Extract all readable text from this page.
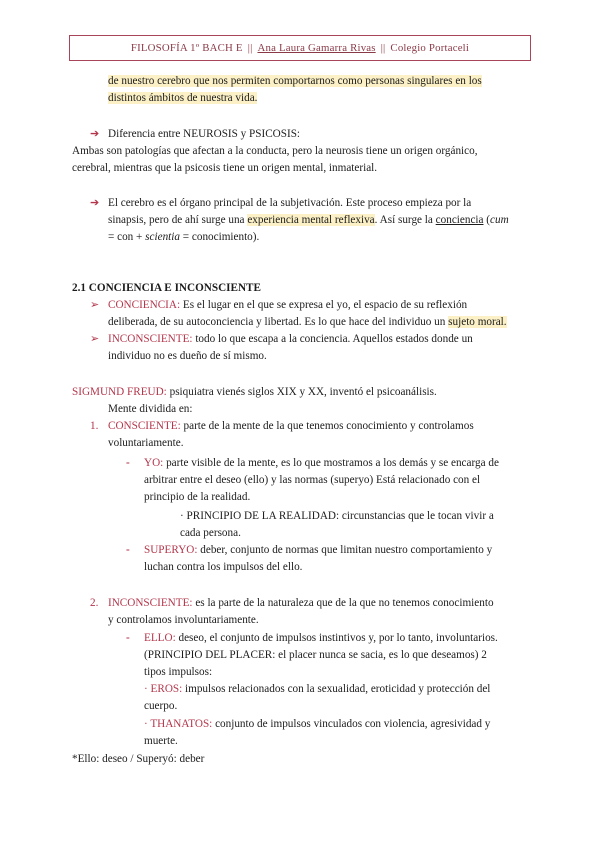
FILOSOFÍA 1º BACH E || Ana Laura Gamarra Rivas || Colegio Portaceli
de nuestro cerebro que nos permiten comportarnos como personas singulares en los
distintos ámbitos de nuestra vida.
➔ Diferencia entre NEUROSIS y PSICOSIS:
Ambas son patologías que afectan a la conducta, pero la neurosis tiene un origen orgánico,
cerebral, mientras que la psicosis tiene un origen mental, inmaterial.
➔ El cerebro es el órgano principal de la subjetivación. Este proceso empieza por la
sinapsis, pero de ahí surge una experiencia mental reflexiva. Así surge la conciencia (cum
= con + scientia = conocimiento).
2.1 CONCIENCIA E INCONSCIENTE
➢ CONCIENCIA: Es el lugar en el que se expresa el yo, el espacio de su reflexión
deliberada, de su autoconciencia y libertad. Es lo que hace del individuo un sujeto moral.
➢ INCONSCIENTE: todo lo que escapa a la conciencia. Aquellos estados donde un
individuo no es dueño de sí mismo.
SIGMUND FREUD: psiquiatra vienés siglos XIX y XX, inventó el psicoanálisis.
Mente dividida en:
1. CONSCIENTE: parte de la mente de la que tenemos conocimiento y controlamos
voluntariamente.
- YO: parte visible de la mente, es lo que mostramos a los demás y se encarga de
arbitrar entre el deseo (ello) y las normas (superyo) Está relacionado con el
principio de la realidad.
· PRINCIPIO DE LA REALIDAD: circunstancias que le tocan vivir a
cada persona.
- SUPERYO: deber, conjunto de normas que limitan nuestro comportamiento y
luchan contra los impulsos del ello.
2. INCONSCIENTE: es la parte de la naturaleza que de la que no tenemos conocimiento
y controlamos involuntariamente.
- ELLO: deseo, el conjunto de impulsos instintivos y, por lo tanto, involuntarios.
(PRINCIPIO DEL PLACER: el placer nunca se sacia, es lo que deseamos) 2
tipos impulsos:
· EROS: impulsos relacionados con la sexualidad, eroticidad y protección del
cuerpo.
· THANATOS: conjunto de impulsos vinculados con violencia, agresividad y
muerte.
*Ello: deseo / Superyó: deber
